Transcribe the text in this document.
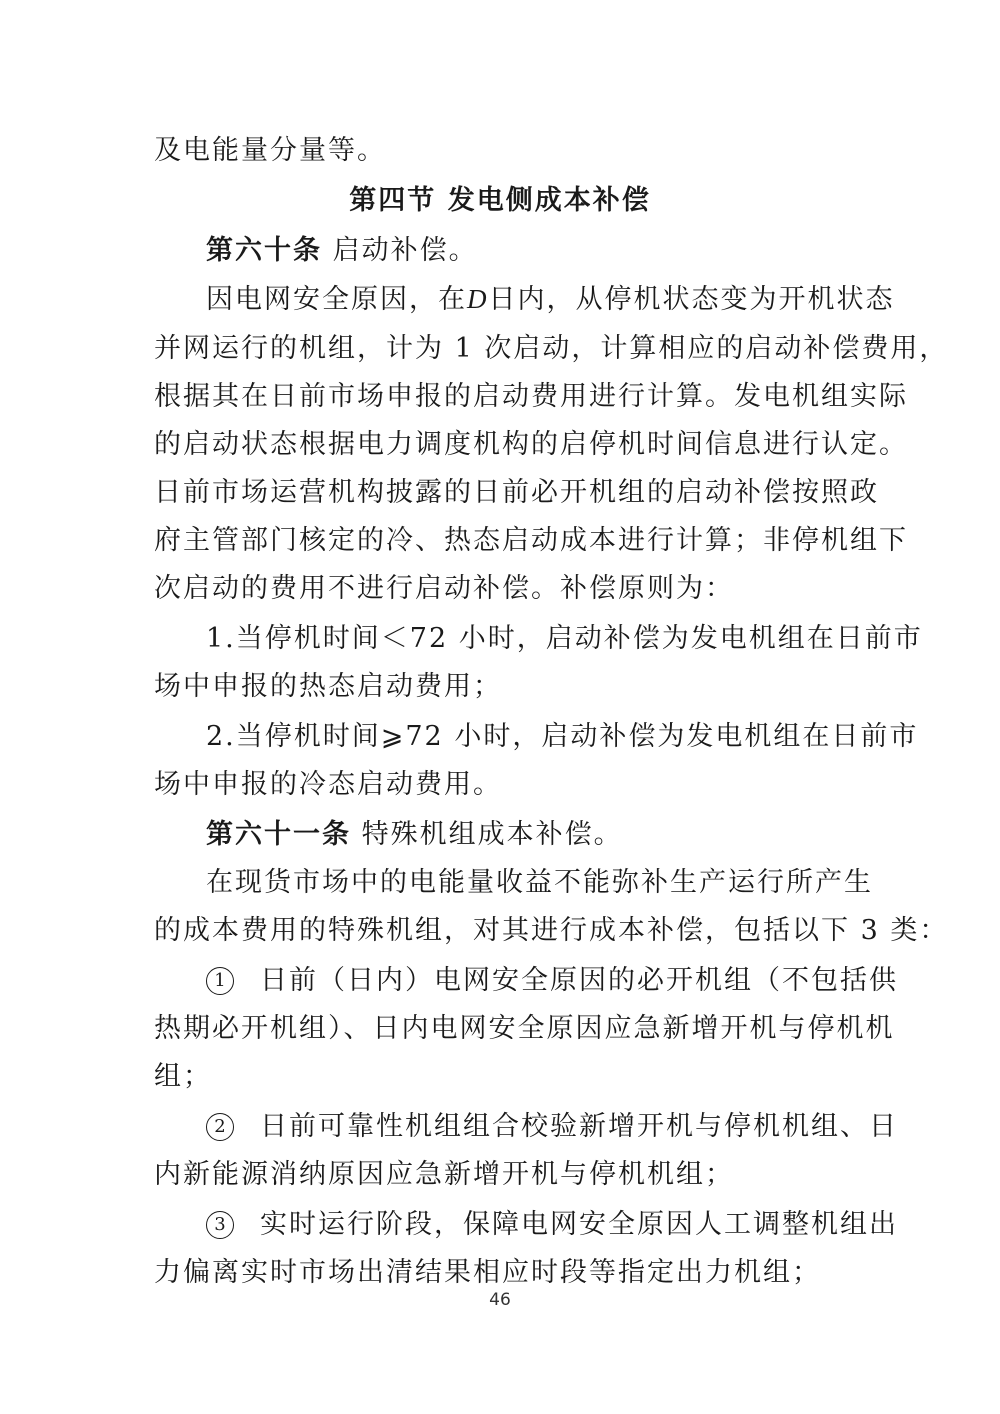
及电能量分量等。
第四节 发电侧成本补偿
第六十条 启动补偿。
因电网安全原因，在D日内，从停机状态变为开机状态
并网运行的机组，计为 1 次启动，计算相应的启动补偿费用，
根据其在日前市场申报的启动费用进行计算。发电机组实际
的启动状态根据电力调度机构的启停机时间信息进行认定。
日前市场运营机构披露的日前必开机组的启动补偿按照政
府主管部门核定的冷、热态启动成本进行计算；非停机组下
次启动的费用不进行启动补偿。补偿原则为：
1.当停机时间＜72 小时，启动补偿为发电机组在日前市
场中申报的热态启动费用；
2.当停机时间⩾72 小时，启动补偿为发电机组在日前市
场中申报的冷态启动费用。
第六十一条 特殊机组成本补偿。
在现货市场中的电能量收益不能弥补生产运行所产生
的成本费用的特殊机组，对其进行成本补偿，包括以下 3 类：
1 日前（日内）电网安全原因的必开机组（不包括供
热期必开机组）、日内电网安全原因应急新增开机与停机机
组；
2 日前可靠性机组组合校验新增开机与停机机组、日
内新能源消纳原因应急新增开机与停机机组；
3 实时运行阶段，保障电网安全原因人工调整机组出
力偏离实时市场出清结果相应时段等指定出力机组；
46
